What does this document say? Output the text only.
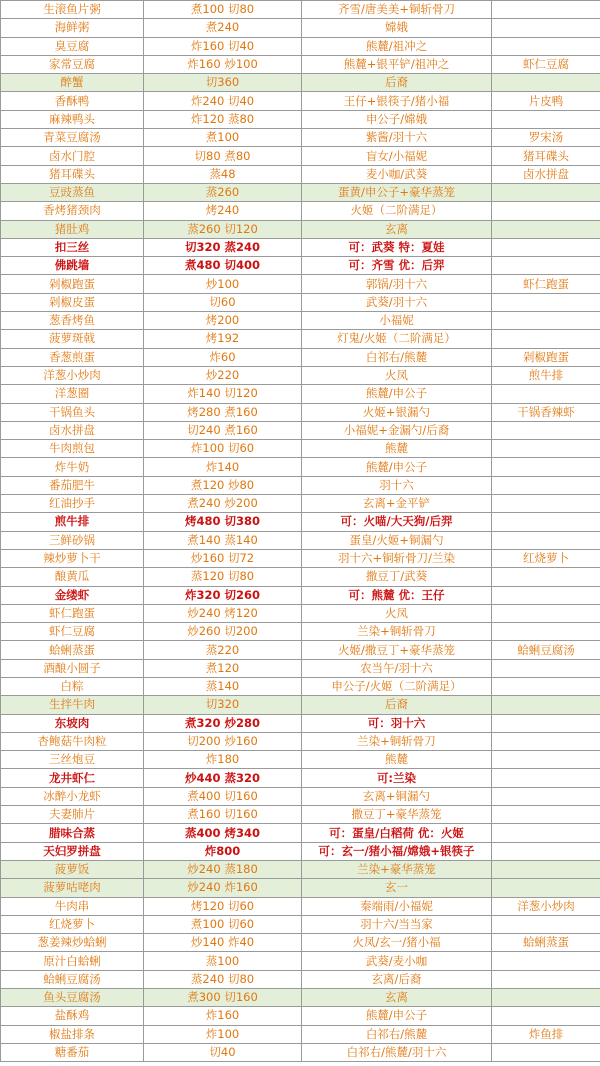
生滚鱼片粥	煮100 切80	齐雪/唐美美+铜斩骨刀	
海鲜粥	煮240	嫦娥	
臭豆腐	炸160 切40	熊麓/祖冲之	
家常豆腐	炸160 炒100	熊麓+银平铲/祖冲之	虾仁豆腐
醉蟹	切360	后裔	
香酥鸭	炸240 切40	王仔+银筷子/猪小福	片皮鸭
麻辣鸭头	炸120 蒸80	申公子/嫦娥	
青菜豆腐汤	煮100	紫酱/羽十六	罗宋汤
卤水门腔	切80 煮80	盲女/小福妮	猪耳碟头
猪耳碟头	蒸48	麦小咖/武葵	卤水拼盘
豆豉蒸鱼	蒸260	蛋黄/申公子+豪华蒸笼	
香烤猪颈肉	烤240	火姬（二阶满足）	
猪肚鸡	蒸260 切120	玄离	
扣三丝	切320 蒸240	可：武葵 特：夏娃	
佛跳墙	煮480 切400	可：齐雪 优：后羿	
剁椒跑蛋	炒100	郭锅/羽十六	虾仁跑蛋
剁椒皮蛋	切60	武葵/羽十六	
葱香烤鱼	烤200	小福妮	
菠萝斑戟	烤192	灯鬼/火姬（二阶满足）	
香葱煎蛋	炸60	白祁右/熊麓	剁椒跑蛋
洋葱小炒肉	炒220	火凤	煎牛排
洋葱圈	炸140 切120	熊麓/申公子	
干锅鱼头	烤280 煮160	火姬+银漏勺	干锅香辣虾
卤水拼盘	切240 煮160	小福妮+金漏勺/后裔	
牛肉煎包	炸100 切60	熊麓	
炸牛奶	炸140	熊麓/申公子	
番茄肥牛	煮120 炒80	羽十六	
红油抄手	煮240 炒200	玄离+金平铲	
煎牛排	烤480 切380	可：火喵/大天狗/后羿	
三鲜砂锅	煮140 蒸140	蛋皇/火姬+铜漏勺	
辣炒萝卜干	炒160 切72	羽十六+铜斩骨刀/兰染	红烧萝卜
酿黄瓜	蒸120 切80	撒豆丁/武葵	
金缕虾	炸320 切260	可：熊麓 优：王仔	
虾仁跑蛋	炒240 烤120	火凤	
虾仁豆腐	炒260 切200	兰染+铜斩骨刀	
蛤蜊蒸蛋	蒸220	火姬/撒豆丁+豪华蒸笼	蛤蜊豆腐汤
酒酿小圆子	煮120	农当午/羽十六	
白粽	蒸140	申公子/火姬（二阶满足）	
生拌牛肉	切320	后裔	
东坡肉	煮320 炒280	可：羽十六	
杏鲍菇牛肉粒	切200 炒160	兰染+铜斩骨刀	
三丝炮豆	炸180	熊麓	
龙井虾仁	炒440 蒸320	可:兰染	
冰醉小龙虾	煮400 切160	玄离+铜漏勺	
夫妻肺片	煮160 切160	撒豆丁+豪华蒸笼	
腊味合蒸	蒸400 烤340	可：蛋皇/白稻荷 优：火姬	
天妇罗拼盘	炸800	可：玄一/猪小福/嫦娥+银筷子	
菠萝饭	炒240 蒸180	兰染+豪华蒸笼	
菠萝咕咾肉	炒240 炸160	玄一	
牛肉串	烤120 切60	秦端雨/小福妮	洋葱小炒肉
红烧萝卜	煮100 切60	羽十六/当当家	
葱姜辣炒蛤蜊	炒140 炸40	火凤/玄一/猪小福	蛤蜊蒸蛋
原汁白蛤蜊	蒸100	武葵/麦小咖	
蛤蜊豆腐汤	蒸240 切80	玄离/后裔	
鱼头豆腐汤	煮300 切160	玄离	
盐酥鸡	炸160	熊麓/申公子	
椒盐排条	炸100	白祁右/熊麓	炸鱼排
糖番茄	切40	白祁右/熊麓/羽十六	
